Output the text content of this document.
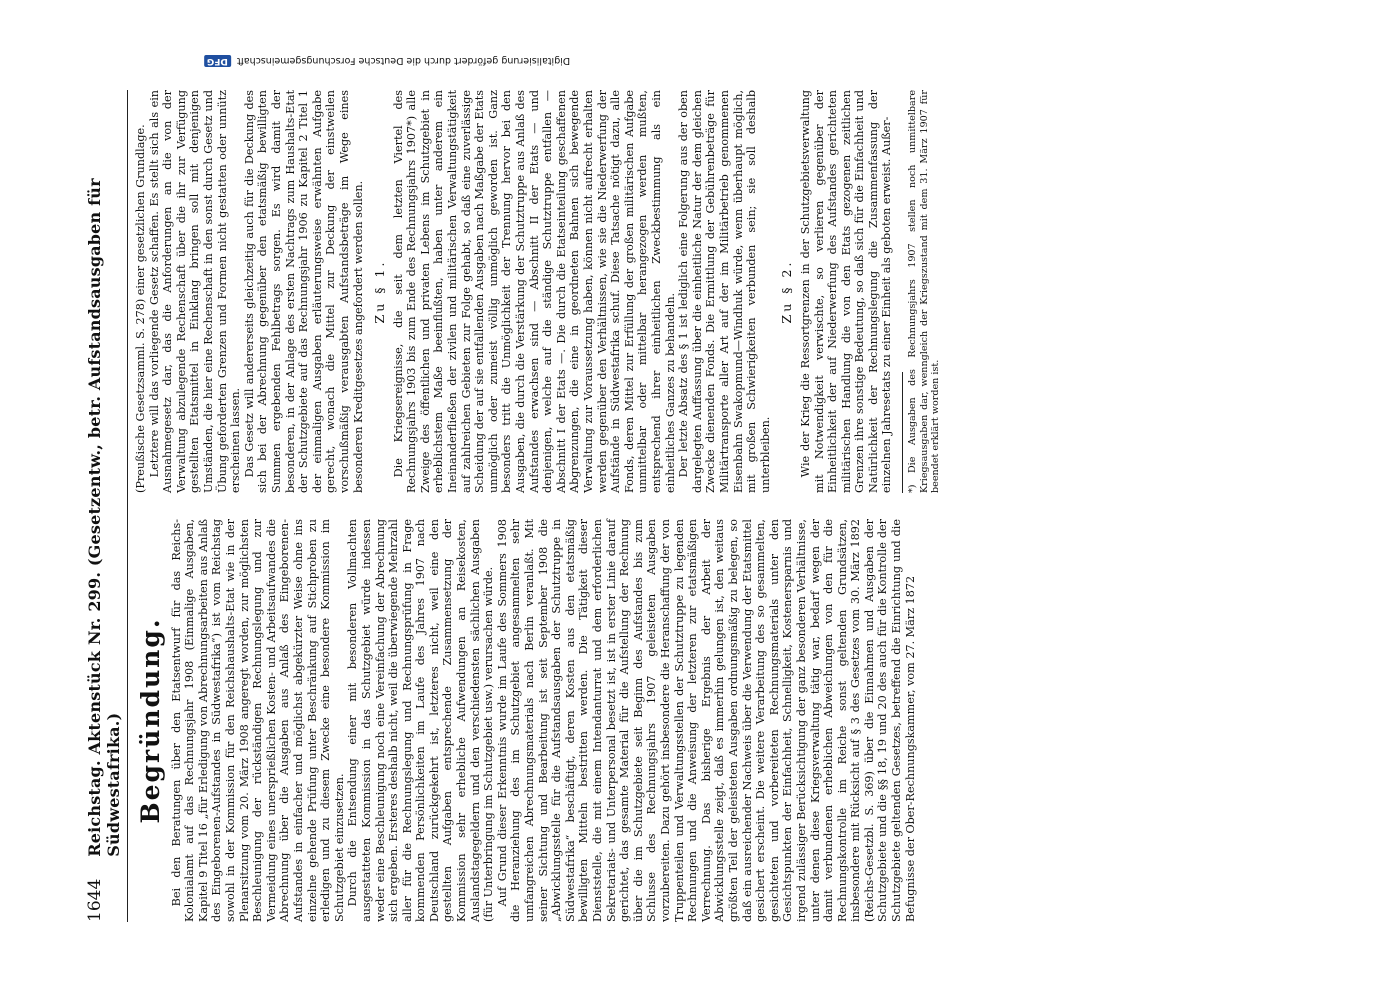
1644
Reichstag. Aktenstück Nr. 299. (Gesetzentw., betr. Aufstandsausgaben für Südwestafrika.) Begründung. Bei den Beratungen über den Etatsentwurf für das Reichs-Kolonialamt auf das Rechnungsjahr 1908 (Einmalige Ausgaben, Kapitel 9 Titel 16 „für Erledigung von Abrechnungsarbeiten aus Anlaß des Eingeborenen-Aufstandes in Südwestafrika“) ist vom Reichstag sowohl in der Kommission für den Reichshaushalts-Etat wie in der Plenarsitzung vom 20. März 1908 angeregt worden, zur möglichsten Beschleunigung der rückständigen Rechnungslegung und zur Vermeidung eines unersprießlichen Kosten- und Arbeitsaufwandes die Abrechnung über die Ausgaben aus Anlaß des Eingeborenen-Aufstandes in einfacher und möglichst abgekürzter Weise ohne ins einzelne gehende Prüfung unter Beschränkung auf Stichproben zu erledigen und zu diesem Zwecke eine besondere Kommission im Schutzgebiet einzusetzen. Durch die Entsendung einer mit besonderen Vollmachten ausgestatteten Kommission in das Schutzgebiet würde indessen weder eine Beschleunigung noch eine Vereinfachung der Abrechnung sich ergeben. Ersteres deshalb nicht, weil die überwiegende Mehrzahl aller für die Rechnungslegung und Rechnungsprüfung in Frage kommenden Persönlichkeiten im Laufe des Jahres 1907 nach Deutschland zurückgekehrt ist, letzteres nicht, weil eine den gestellten Aufgaben entsprechende Zusammensetzung der Kommission sehr erhebliche Aufwendungen an Reisekosten, Auslandstagegeldern und den verschiedensten sächlichen Ausgaben (für Unterbringung im Schutzgebiet usw.) verursachen würde. Auf Grund dieser Erkenntnis wurde im Laufe des Sommers 1908 die Heranziehung des im Schutzgebiet angesammelten sehr umfangreichen Abrechnungsmaterials nach Berlin veranlaßt. Mit seiner Sichtung und Bearbeitung ist seit September 1908 die „Abwicklungsstelle für die Aufstandsausgaben der Schutztruppe in Südwestafrika“ beschäftigt, deren Kosten aus den etatsmäßig bewilligten Mitteln bestritten werden. Die Tätigkeit dieser Dienststelle, die mit einem Intendanturrat und dem erforderlichen Sekretariats- und Unterpersonal besetzt ist, ist in erster Linie darauf gerichtet, das gesamte Material für die Aufstellung der Rechnung über die im Schutzgebiete seit Beginn des Aufstandes bis zum Schlusse des Rechnungsjahrs 1907 geleisteten Ausgaben vorzubereiten. Dazu gehört insbesondere die Heranschaffung der von Truppenteilen und Verwaltungsstellen der Schutztruppe zu legenden Rechnungen und die Anweisung der letzteren zur etatsmäßigen Verrechnung. Das bisherige Ergebnis der Arbeit der Abwicklungsstelle zeigt, daß es immerhin gelungen ist, den weitaus größten Teil der geleisteten Ausgaben ordnungsmäßig zu belegen, so daß ein ausreichender Nachweis über die Verwendung der Etatsmittel gesichert erscheint. Die weitere Verarbeitung des so gesammelten, gesichteten und vorbereiteten Rechnungsmaterials unter den Gesichtspunkten der Einfachheit, Schnelligkeit, Kostenersparnis und irgend zulässiger Berücksichtigung der ganz besonderen Verhältnisse, unter denen diese Kriegsverwaltung tätig war, bedarf wegen der damit verbundenen erheblichen Abweichungen von den für die Rechnungskontrolle im Reiche sonst geltenden Grundsätzen, insbesondere mit Rücksicht auf § 3 des Gesetzes vom 30. März 1892 (Reichs-Gesetzbl. S. 369) über die Einnahmen und Ausgaben der Schutzgebiete und die §§ 18, 19 und 20 des auch für die Kontrolle der Schutzgebiete geltenden Gesetzes, betreffend die Einrichtung und die Befugnisse der Ober-Rechnungskammer, vom 27. März 1872

(Preußische Gesetzsamml. S. 278) einer gesetzlichen Grundlage. Letztere will das vorliegende Gesetz schaffen. Es stellt sich als ein Ausnahmegesetz dar, das die Anforderungen an die von der Verwaltung abzulegende Rechenschaft über die ihr zur Verfügung gestellten Etatsmittel in Einklang bringen soll mit denjenigen Umständen, die hier eine Rechenschaft in den sonst durch Gesetz und Übung geforderten Grenzen und Formen nicht gestatten oder unnütz erscheinen lassen. Das Gesetz will andererseits gleichzeitig auch für die Deckung des sich bei der Abrechnung gegenüber den etatsmäßig bewilligten Summen ergebenden Fehlbetrags sorgen. Es wird damit der besonderen, in der Anlage des ersten Nachtrags zum Haushalts-Etat der Schutzgebiete auf das Rechnungsjahr 1906 zu Kapitel 2 Titel 1 der einmaligen Ausgaben erläuterungsweise erwähnten Aufgabe gerecht, wonach die Mittel zur Deckung der einstweilen vorschußmäßig verausgabten Aufstandsbeträge im Wege eines besonderen Kreditgesetzes angefordert werden sollen. Zu § 1. Die Kriegsereignisse, die seit dem letzten Viertel des Rechnungsjahrs 1903 bis zum Ende des Rechnungsjahrs 1907*) alle Zweige des öffentlichen und privaten Lebens im Schutzgebiet in erheblichstem Maße beeinflußten, haben unter anderem ein Ineinanderfließen der zivilen und militärischen Verwaltungstätigkeit auf zahlreichen Gebieten zur Folge gehabt, so daß eine zuverlässige Scheidung der auf sie entfallenden Ausgaben nach Maßgabe der Etats unmöglich oder zumeist völlig unmöglich geworden ist. Ganz besonders tritt die Unmöglichkeit der Trennung hervor bei den Ausgaben, die durch die Verstärkung der Schutztruppe aus Anlaß des Aufstandes erwachsen sind — Abschnitt II der Etats — und denjenigen, welche auf die ständige Schutztruppe entfallen — Abschnitt I der Etats —. Die durch die Etatseinteilung geschaffenen Abgrenzungen, die eine in geordneten Bahnen sich bewegende Verwaltung zur Voraussetzung haben, können nicht aufrecht erhalten werden gegenüber den Verhältnissen, wie sie die Niederwerfung der Aufstände in Südwestafrika schuf. Diese Tatsache nötigt dazu, alle Fonds, deren Mittel zur Erfüllung der großen militärischen Aufgabe unmittelbar oder mittelbar herangezogen werden mußten, entsprechend ihrer einheitlichen Zweckbestimmung als ein einheitliches Ganzes zu behandeln. Der letzte Absatz des § 1 ist lediglich eine Folgerung aus der oben dargelegten Auffassung über die einheitliche Natur der dem gleichen Zwecke dienenden Fonds. Die Ermittlung der Gebührenbeträge für Militärtransporte aller Art auf der im Militärbetrieb genommenen Eisenbahn Swakopmund—Windhuk würde, wenn überhaupt möglich, mit großen Schwierigkeiten verbunden sein; sie soll deshalb unterbleiben.

Zu § 2. Wie der Krieg die Ressortgrenzen in der Schutzgebietsverwaltung mit Notwendigkeit verwischte, so verlieren gegenüber der Einheitlichkeit der auf Niederwerfung des Aufstandes gerichteten militärischen Handlung die von den Etats gezogenen zeitlichen Grenzen ihre sonstige Bedeutung, so daß sich für die Einfachheit und Natürlichkeit der Rechnungslegung die Zusammenfassung der einzelnen Jahresetats zu einer Einheit als geboten erweist. Außer- *) Die Ausgaben des Rechnungsjahrs 1907 stellen noch unmittelbare Kriegsausgaben dar, wenngleich der Kriegszustand mit dem 31. März 1907 für beendet erklärt worden ist.
Digitalisierung gefördert durch die Deutsche Forschungsgemeinschaft
DFG
